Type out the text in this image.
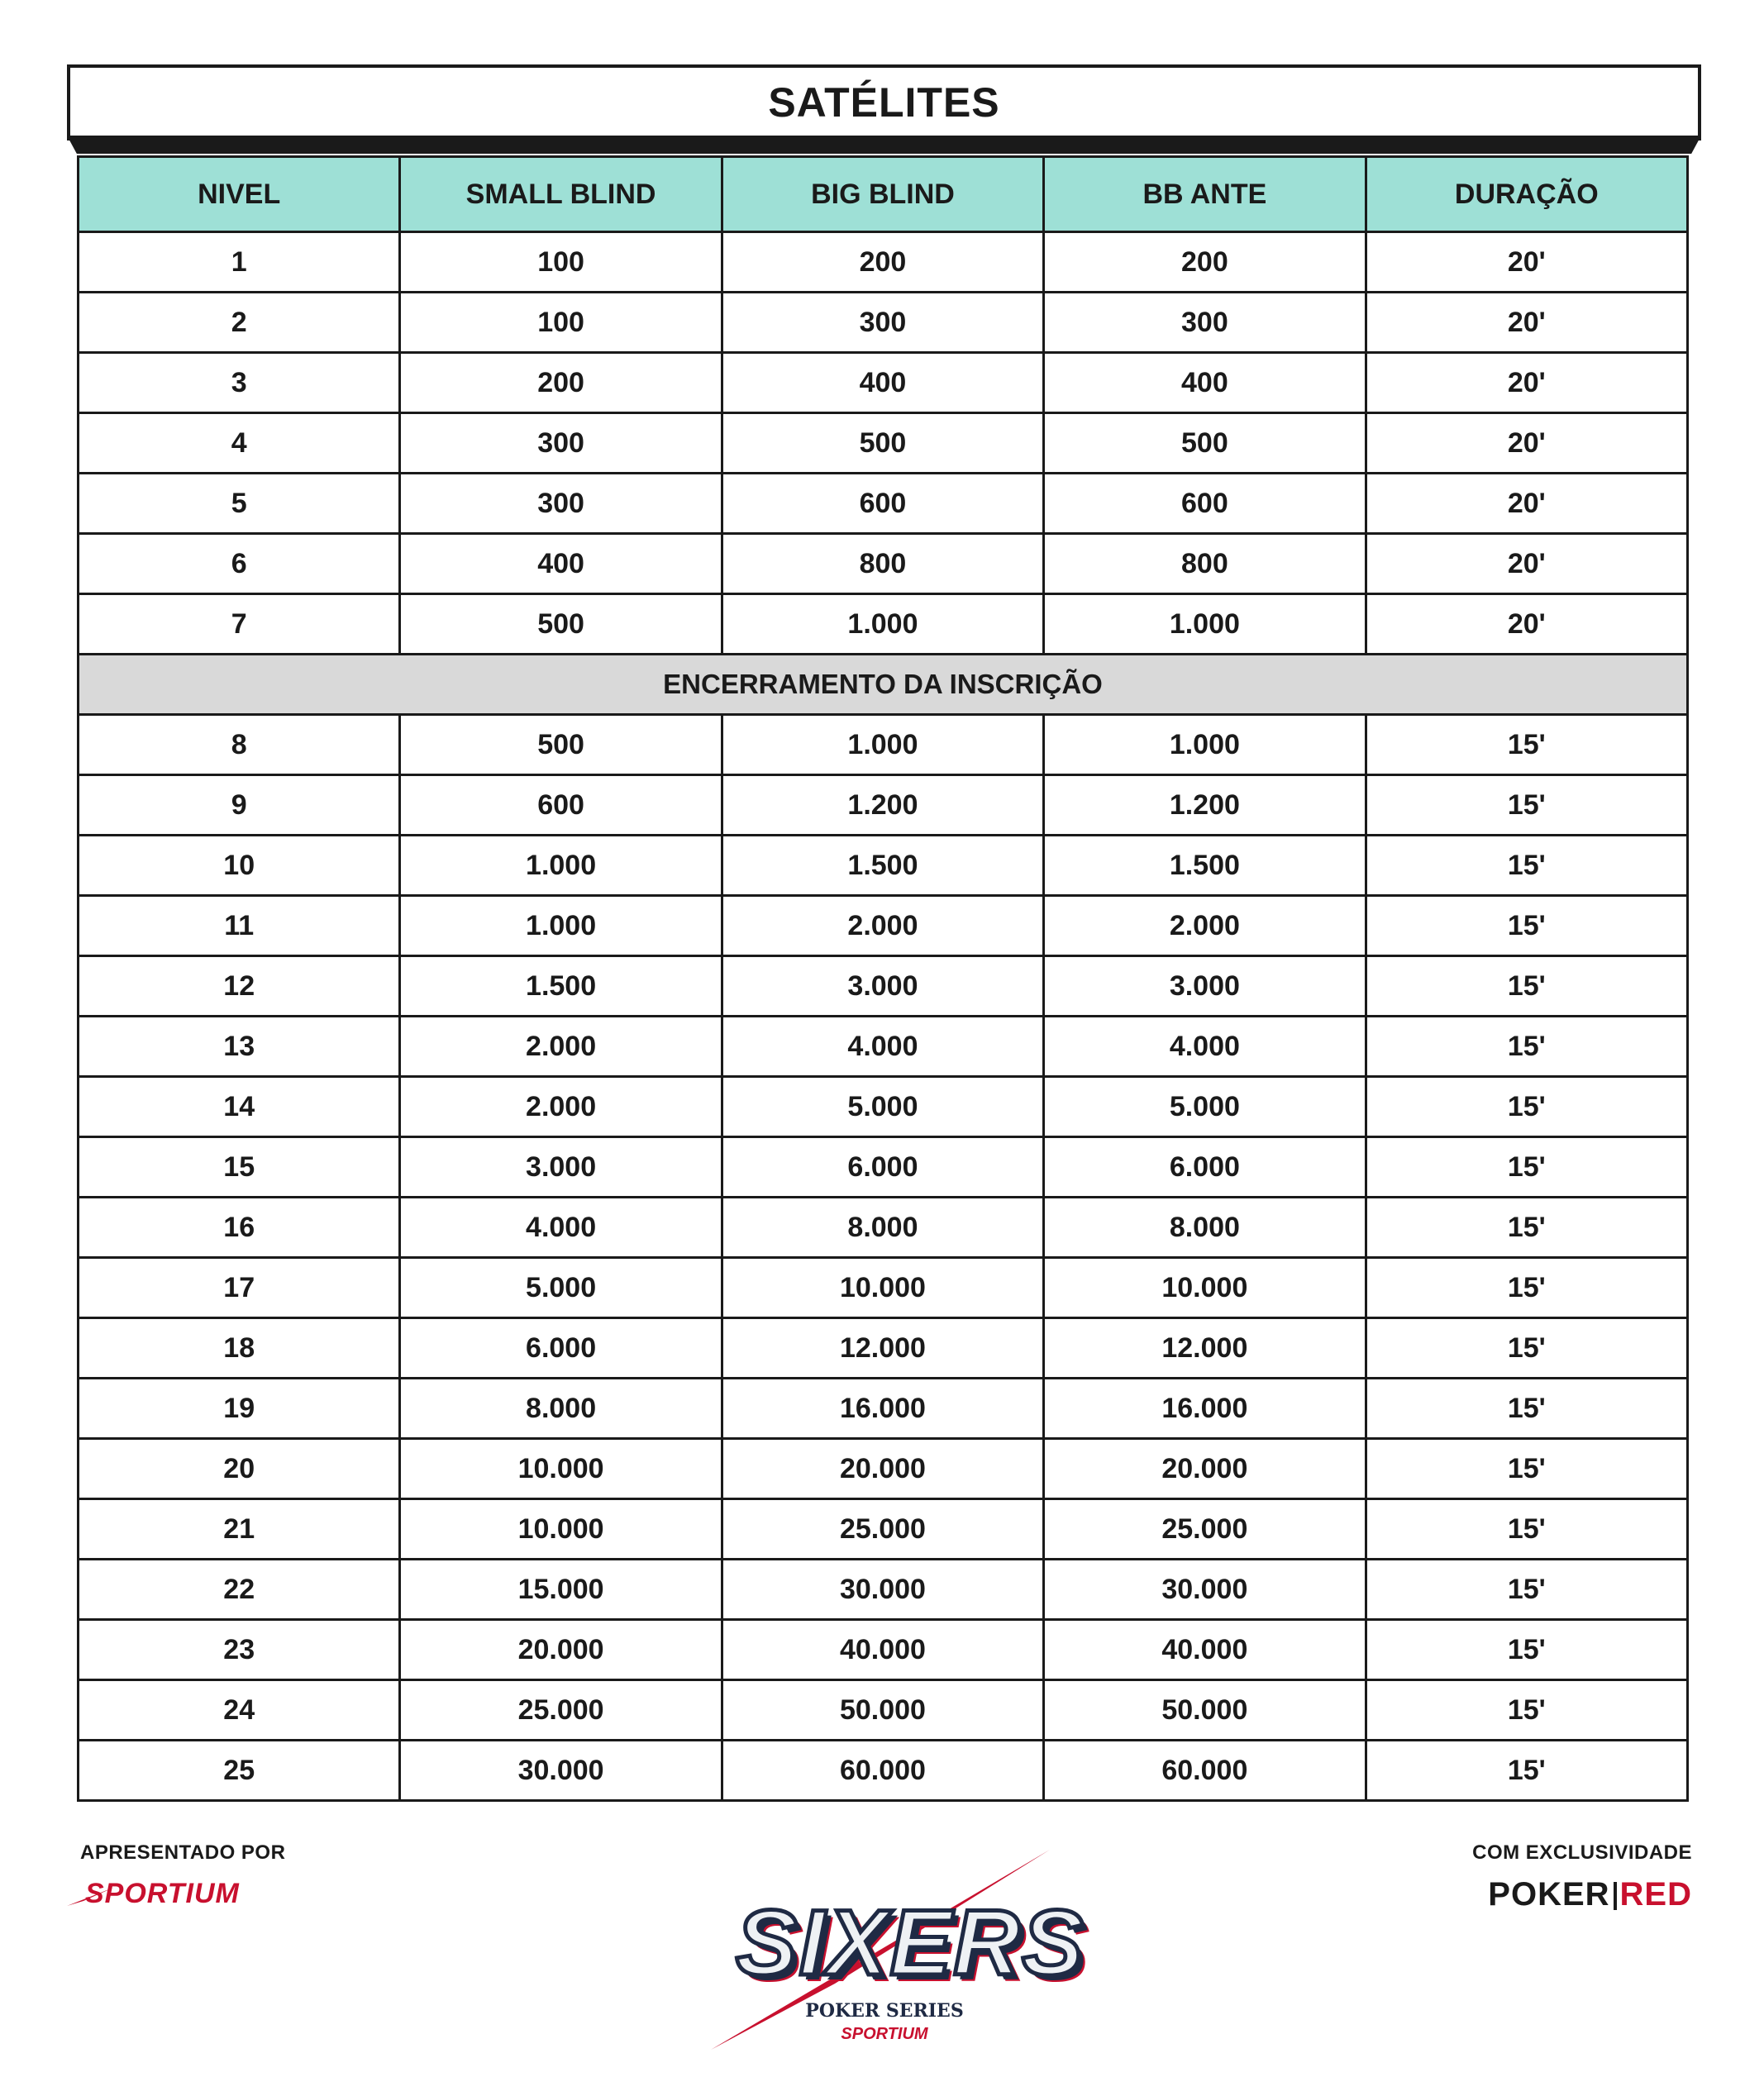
SATÉLITES
NIVEL	SMALL BLIND	BIG BLIND	BB ANTE	DURAÇÃO
1	100	200	200	20'
2	100	300	300	20'
3	200	400	400	20'
4	300	500	500	20'
5	300	600	600	20'
6	400	800	800	20'
7	500	1.000	1.000	20'
ENCERRAMENTO DA INSCRIÇÃO				
8	500	1.000	1.000	15'
9	600	1.200	1.200	15'
10	1.000	1.500	1.500	15'
11	1.000	2.000	2.000	15'
12	1.500	3.000	3.000	15'
13	2.000	4.000	4.000	15'
14	2.000	5.000	5.000	15'
15	3.000	6.000	6.000	15'
16	4.000	8.000	8.000	15'
17	5.000	10.000	10.000	15'
18	6.000	12.000	12.000	15'
19	8.000	16.000	16.000	15'
20	10.000	20.000	20.000	15'
21	10.000	25.000	25.000	15'
22	15.000	30.000	30.000	15'
23	20.000	40.000	40.000	15'
24	25.000	50.000	50.000	15'
25	30.000	60.000	60.000	15'
APRESENTADO POR
SPORTIUM	SIXERS
POKER SERIES
SPORTIUM
COM EXCLUSIVIDADE
POKER RED
